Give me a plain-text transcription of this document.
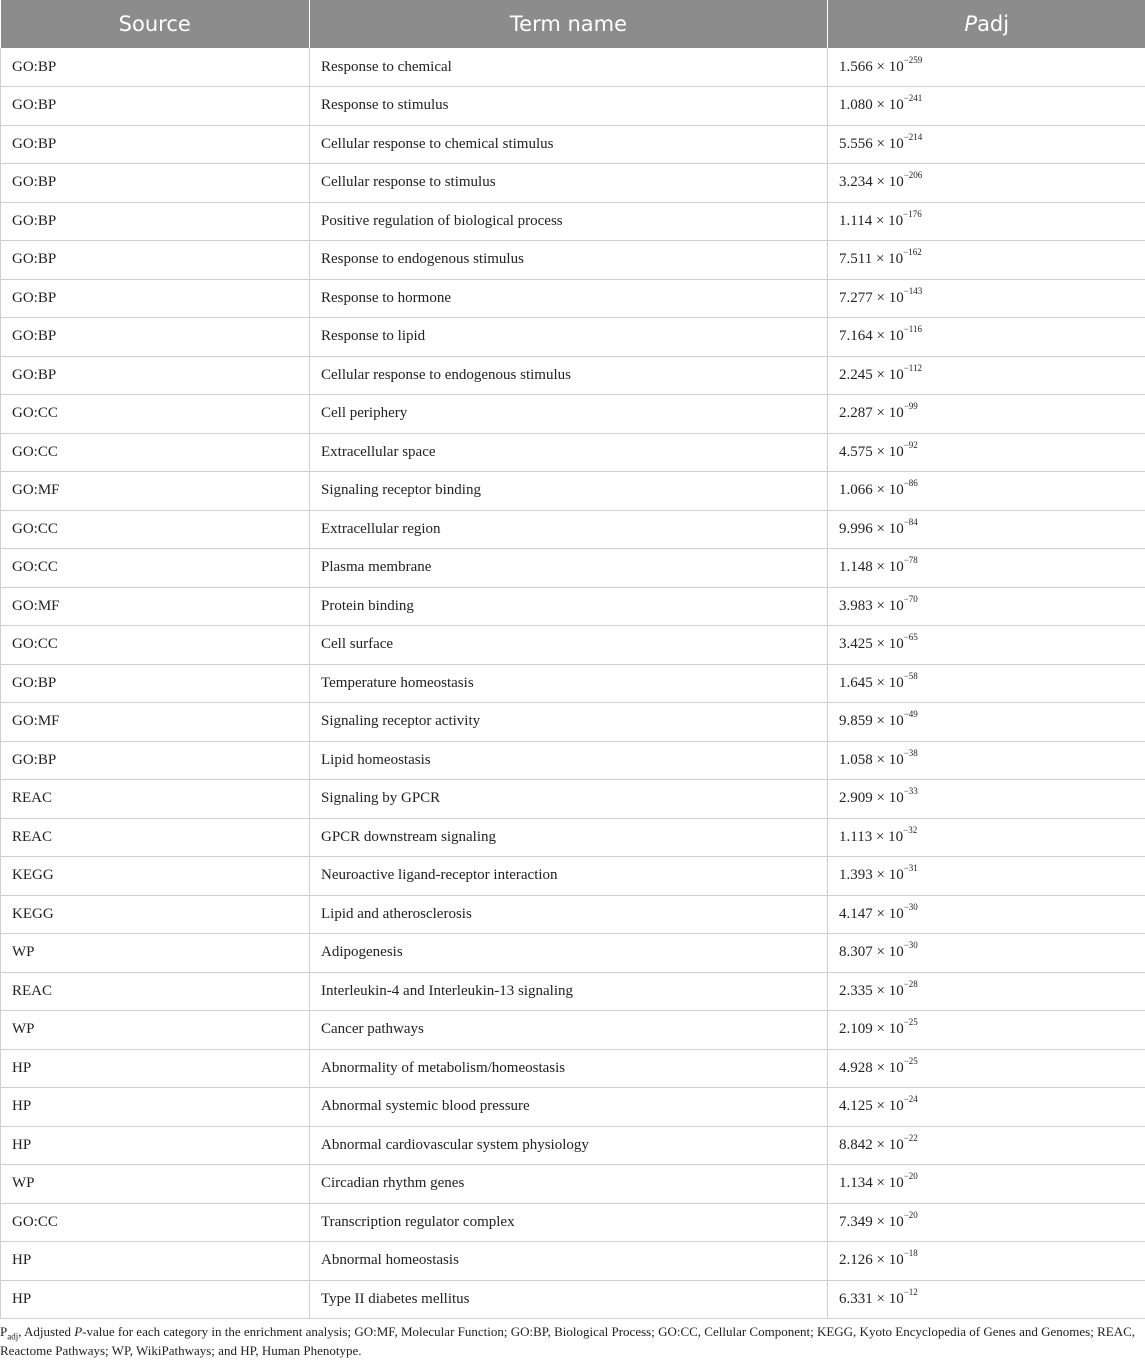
Source	Term name	Padj
GO:BP	Response to chemical	$1.566 \times 10^{-259}$
GO:BP	Response to stimulus	$1.080 \times 10^{-241}$
GO:BP	Cellular response to chemical stimulus	$5.556 \times 10^{-214}$
GO:BP	Cellular response to stimulus	$3.234 \times 10^{-206}$
GO:BP	Positive regulation of biological process	$1.114 \times 10^{-176}$
GO:BP	Response to endogenous stimulus	$7.511 \times 10^{-162}$
GO:BP	Response to hormone	$7.277 \times 10^{-143}$
GO:BP	Response to lipid	$7.164 \times 10^{-116}$
GO:BP	Cellular response to endogenous stimulus	$2.245 \times 10^{-112}$
GO:CC	Cell periphery	$2.287 \times 10^{-99}$
GO:CC	Extracellular space	$4.575 \times 10^{-92}$
GO:MF	Signaling receptor binding	$1.066 \times 10^{-86}$
GO:CC	Extracellular region	$9.996 \times 10^{-84}$
GO:CC	Plasma membrane	$1.148 \times 10^{-78}$
GO:MF	Protein binding	$3.983 \times 10^{-70}$
GO:CC	Cell surface	$3.425 \times 10^{-65}$
GO:BP	Temperature homeostasis	$1.645 \times 10^{-58}$
GO:MF	Signaling receptor activity	$9.859 \times 10^{-49}$
GO:BP	Lipid homeostasis	$1.058 \times 10^{-38}$
REAC	Signaling by GPCR	$2.909 \times 10^{-33}$
REAC	GPCR downstream signaling	$1.113 \times 10^{-32}$
KEGG	Neuroactive ligand-receptor interaction	$1.393 \times 10^{-31}$
KEGG	Lipid and atherosclerosis	$4.147 \times 10^{-30}$
WP	Adipogenesis	$8.307 \times 10^{-30}$
REAC	Interleukin-4 and Interleukin-13 signaling	$2.335 \times 10^{-28}$
WP	Cancer pathways	$2.109 \times 10^{-25}$
HP	Abnormality of metabolism/homeostasis	$4.928 \times 10^{-25}$
HP	Abnormal systemic blood pressure	$4.125 \times 10^{-24}$
HP	Abnormal cardiovascular system physiology	$8.842 \times 10^{-22}$
WP	Circadian rhythm genes	$1.134 \times 10^{-20}$
GO:CC	Transcription regulator complex	$7.349 \times 10^{-20}$
HP	Abnormal homeostasis	$2.126 \times 10^{-18}$
HP	Type II diabetes mellitus	$6.331 \times 10^{-12}$
$P_{adj}$, Adjusted P-value for each category in the enrichment analysis; GO:MF, Molecular Function; GO:BP, Biological Process; GO:CC, Cellular Component; KEGG, Kyoto Encyclopedia of Genes and Genomes; REAC, Reactome Pathways; WP, WikiPathways; and HP, Human Phenotype.
